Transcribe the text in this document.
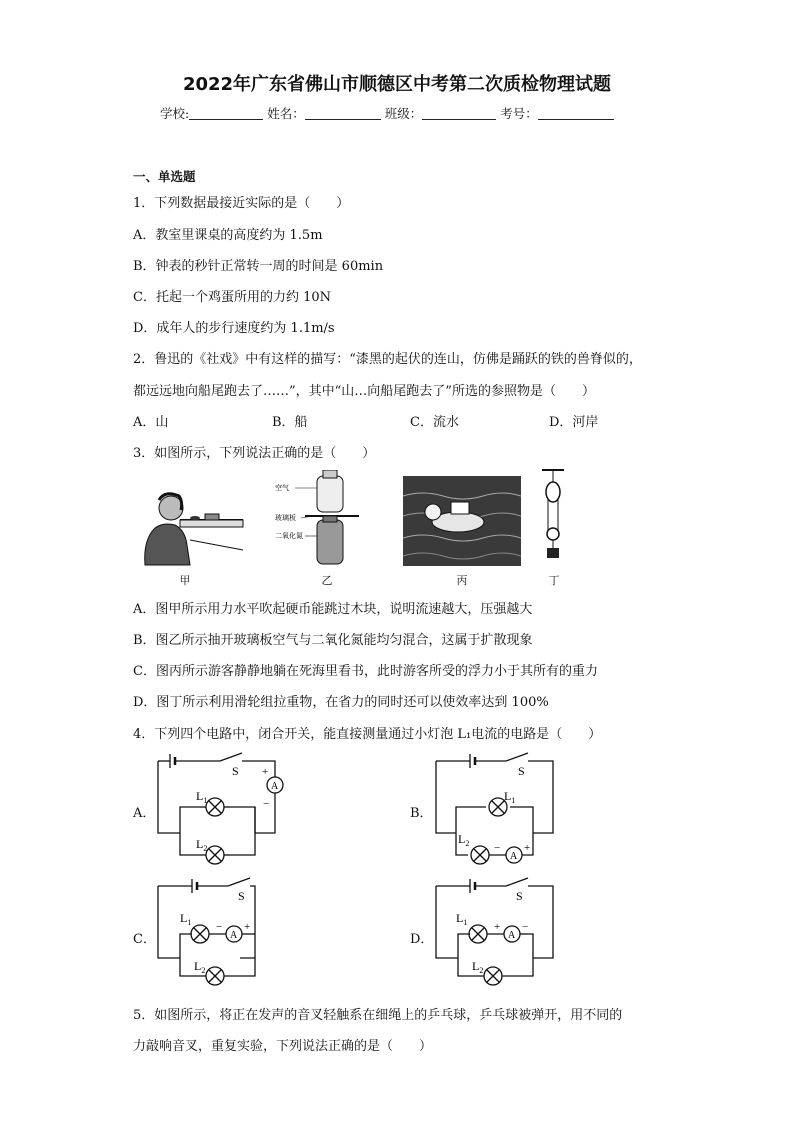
2022年广东省佛山市顺德区中考第二次质检物理试题
学校:	姓名：	班级：	考号：
一、单选题
1．下列数据最接近实际的是（　　）
A．教室里课桌的高度约为 1.5m
B．钟表的秒针正常转一周的时间是 60min
C．托起一个鸡蛋所用的力约 10N
D．成年人的步行速度约为 1.1m/s
2．鲁迅的《社戏》中有这样的描写：“漆黑的起伏的连山，仿佛是踊跃的铁的兽脊似的，
都远远地向船尾跑去了……”，其中“山…向船尾跑去了”所选的参照物是（　　）
A．山	B．船	C．流水	D．河岸
3．如图所示，下列说法正确的是（　　）
甲
空气
玻璃板
二氧化氮
乙	丙	丁
A．图甲所示用力水平吹起硬币能跳过木块，说明流速越大，压强越大
B．图乙所示抽开玻璃板空气与二氧化氮能均匀混合，这属于扩散现象
C．图丙所示游客静静地躺在死海里看书，此时游客所受的浮力小于其所有的重力
D．图丁所示利用滑轮组拉重物，在省力的同时还可以使效率达到 100%
4．下列四个电路中，闭合开关，能直接测量通过小灯泡 L₁电流的电路是（　　）
A．
S
A
+
−
$L_1$
$L_2$
B．
S
A
+
−
$L_1$
$L_2$
C．
S
A
+
−
$L_1$
$L_2$
D．
S
A
+ −
$L_1$
$L_2$
5．如图所示，将正在发声的音叉轻触系在细绳上的乒乓球，乒乓球被弹开，用不同的
力敲响音叉，重复实验，下列说法正确的是（　　）
